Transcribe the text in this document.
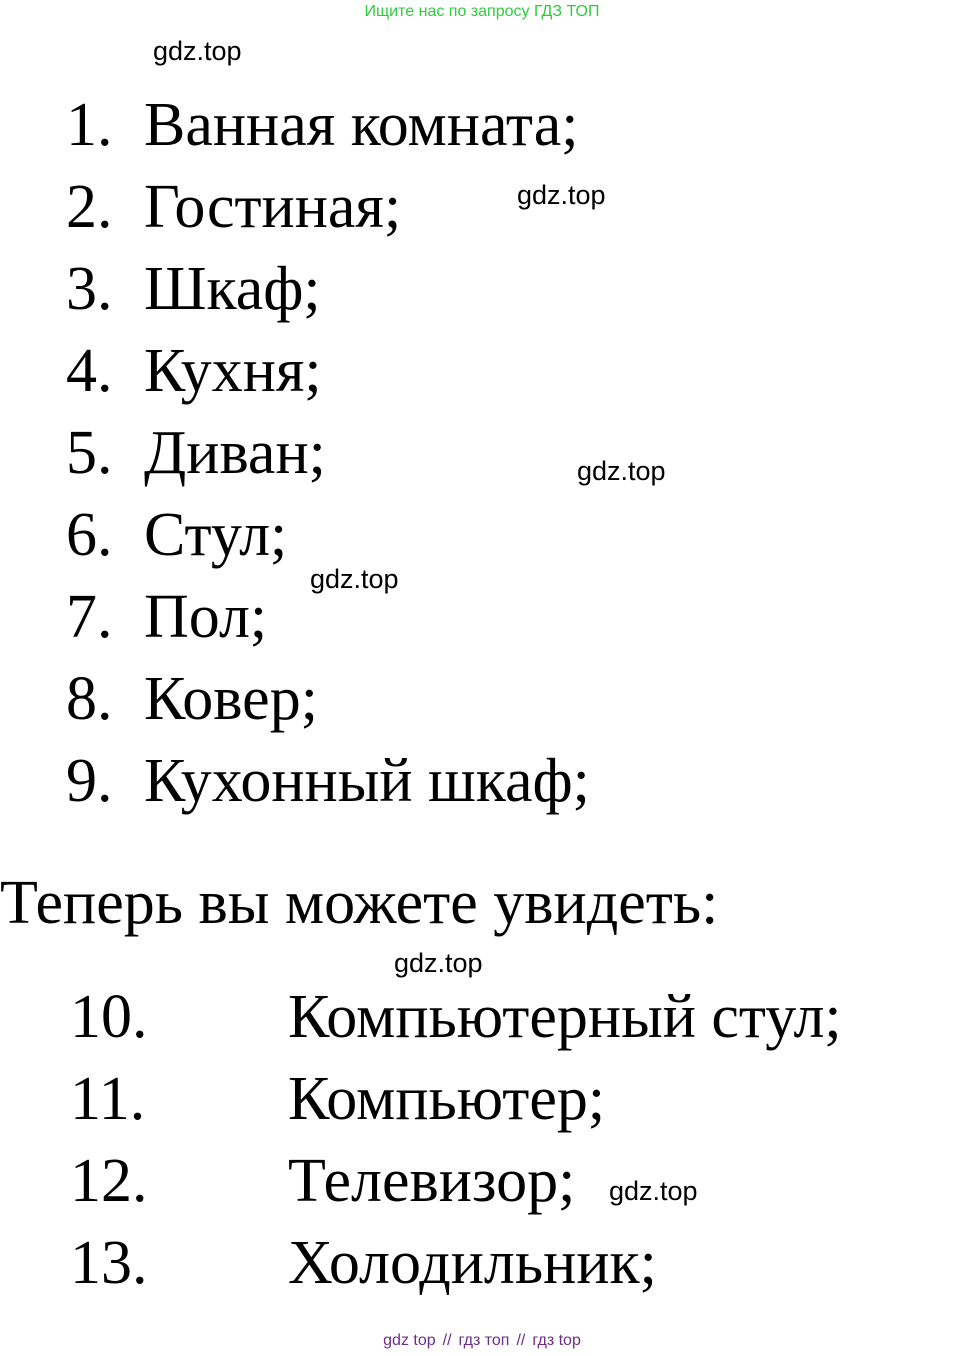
Ищите нас по запросу ГДЗ ТОП
gdz.top
gdz.top
gdz.top
gdz.top
gdz.top
gdz.top
1. Ванная комната;
2. Гостиная;
3. Шкаф;
4. Кухня;
5. Диван;
6. Стул;
7. Пол;
8. Ковер;
9. Кухонный шкаф;
Теперь вы можете увидеть:
10. Компьютерный стул;
11. Компьютер;
12. Телевизор;
13. Холодильник;
gdz top // гдз топ // гдз top
